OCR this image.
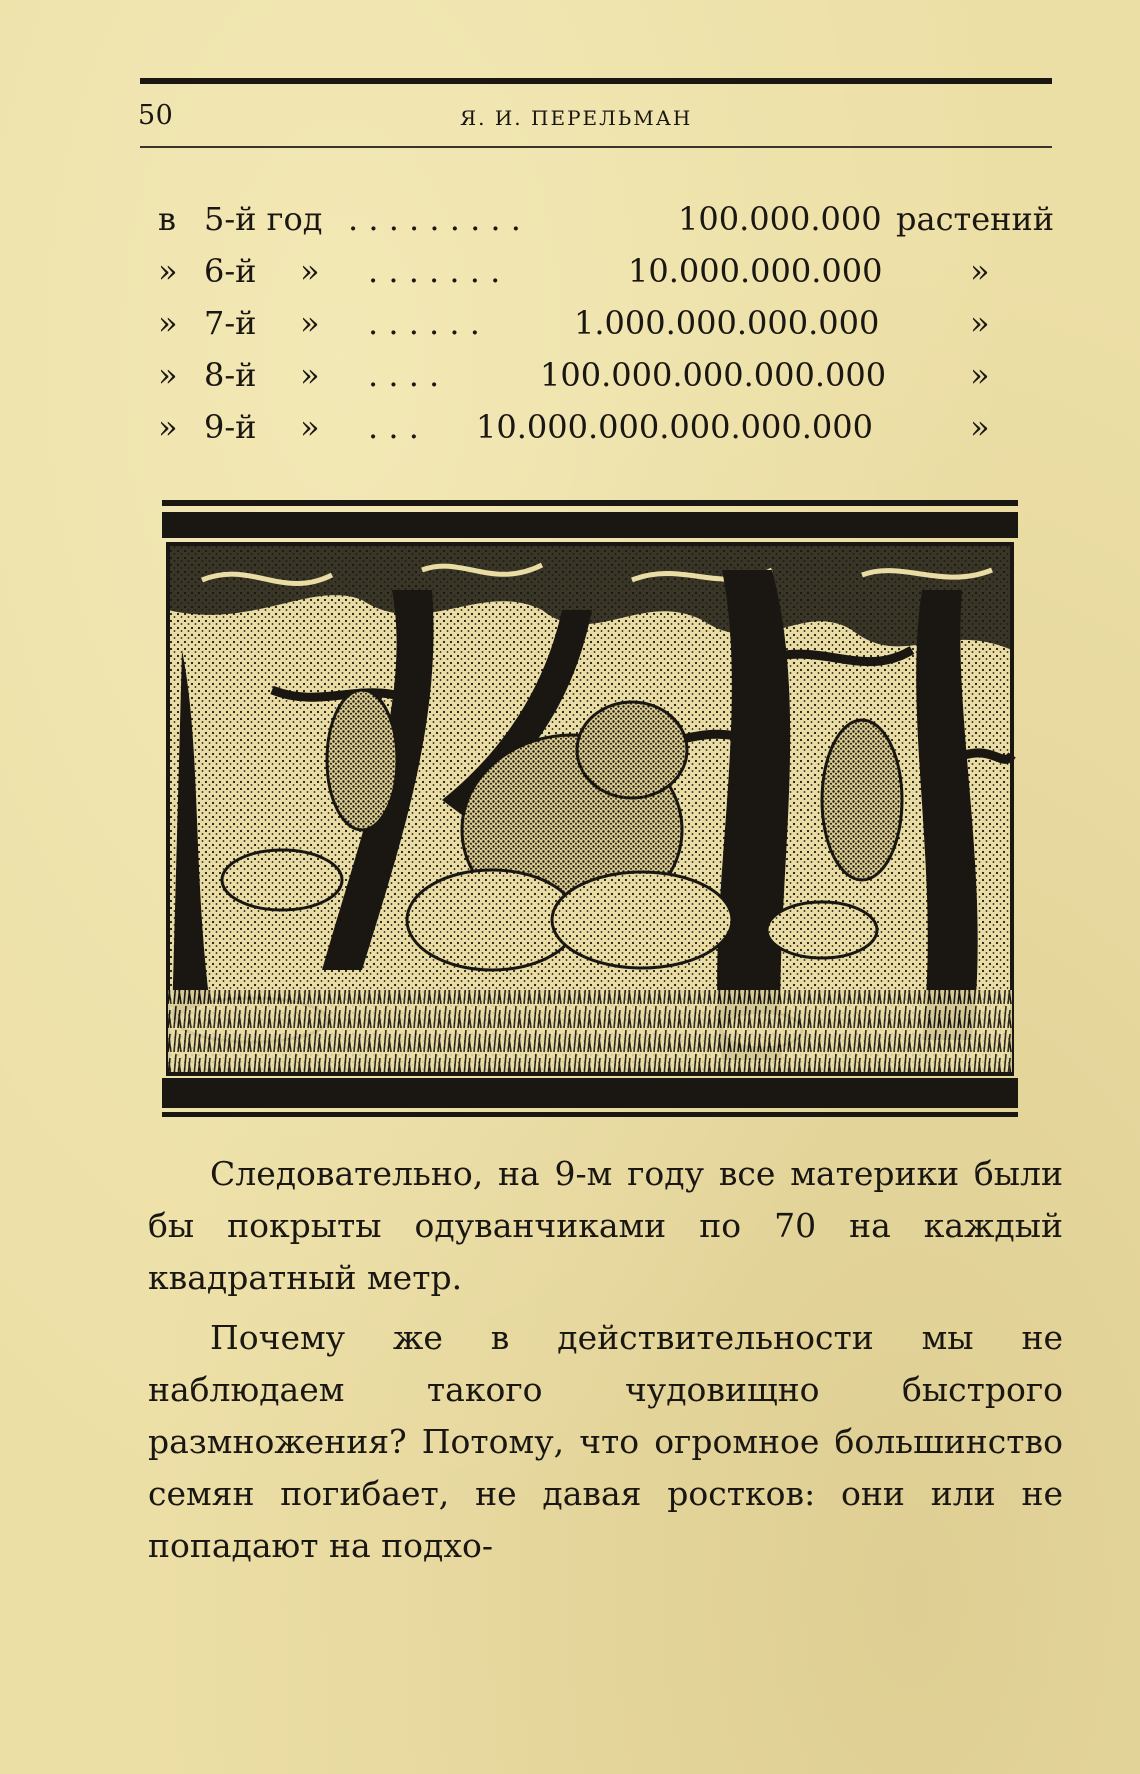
50	Я. И. ПЕРЕЛЬМАН
в 5-й год . . . . . . . . .	100.000.000 растений
» 6-й » . . . . . . .	10.000.000.000	»
» 7-й » . . . . . .	1.000.000.000.000	»
» 8-й » . . . .	100.000.000.000.000	»
» 9-й » . . . 10.000.000.000.000.000	»

Следовательно, на 9-м году все материки были бы покрыты одуванчиками по 70 на каждый квадратный метр.

Почему же в действительности мы не наблюдаем такого чудовищно быстрого размножения? Потому, что огромное большинство семян погибает, не давая ростков: они или не попадают на подхо-
